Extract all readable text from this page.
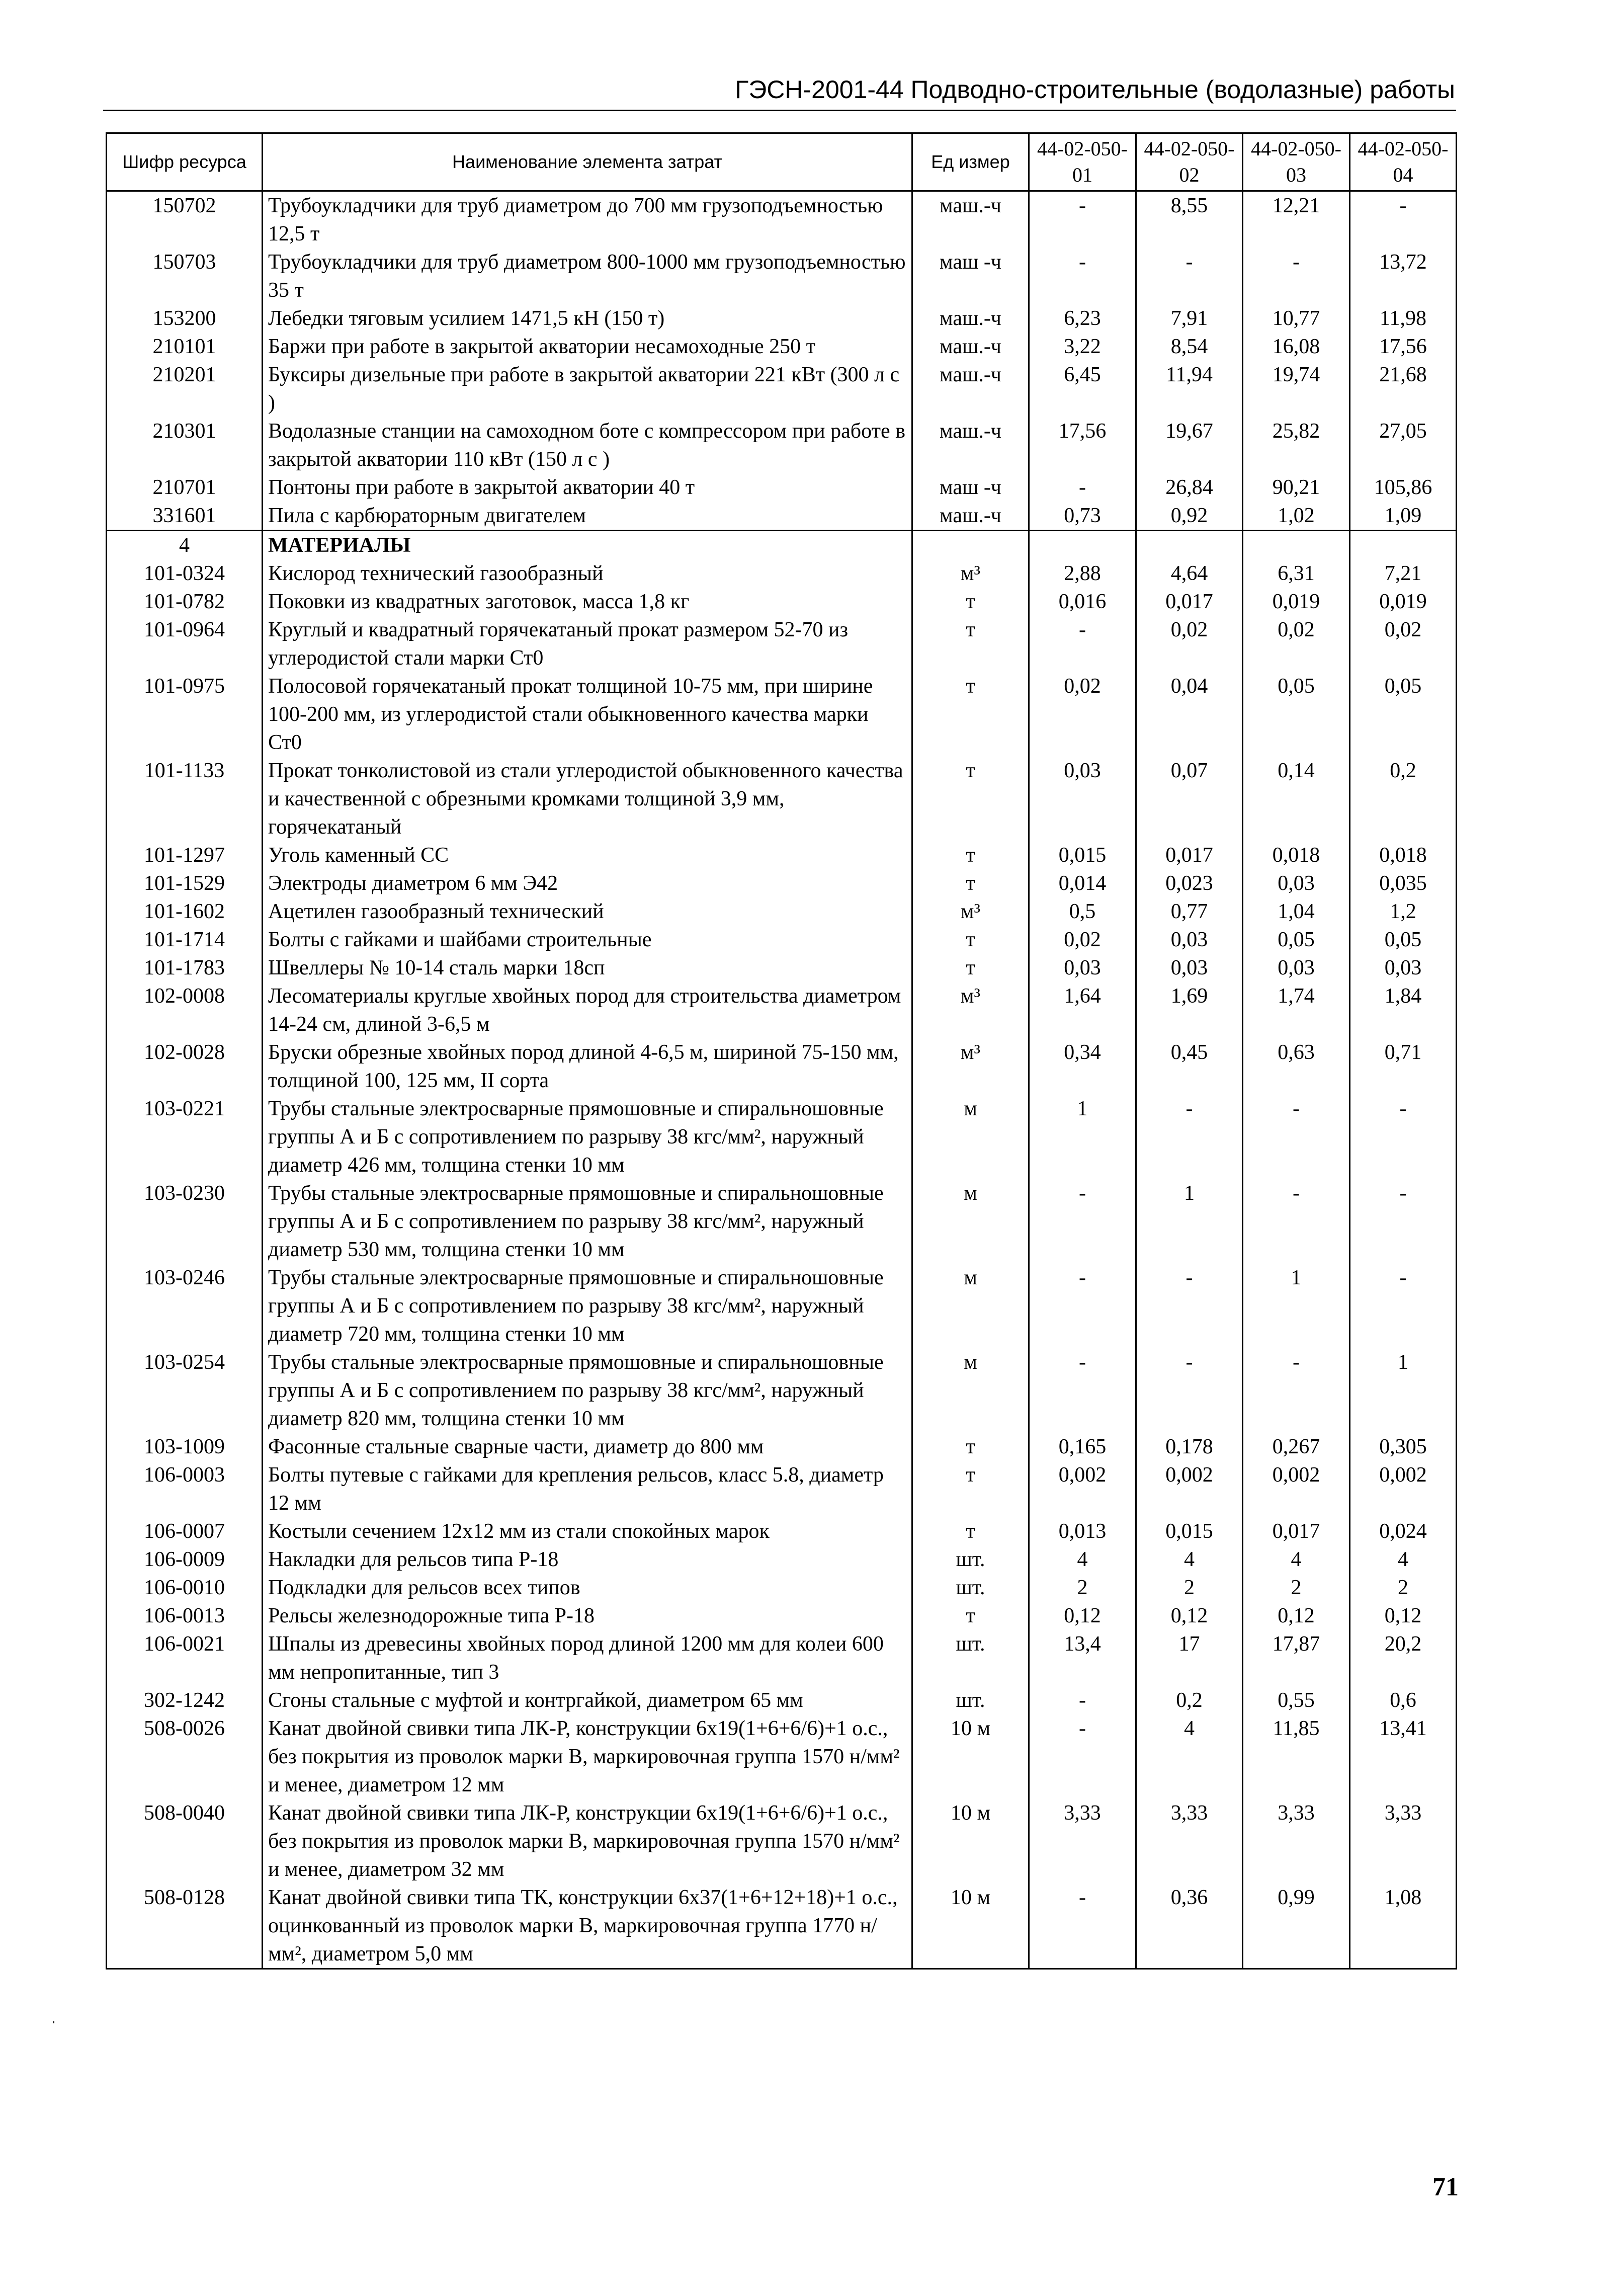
ГЭСН-2001-44 Подводно-строительные (водолазные) работы
Шифр ресурса	Наименование элемента затрат	Ед измер	44-02-050-01	44-02-050-02	44-02-050-03	44-02-050-04
150702	Трубоукладчики для труб диаметром до 700 мм грузоподъемностью 12,5 т	маш.-ч	-	8,55	12,21	-
150703	Трубоукладчики для труб диаметром 800-1000 мм грузоподъемностью 35 т	маш -ч	-	-	-	13,72
153200	Лебедки тяговым усилием 1471,5 кН (150 т)	маш.-ч	6,23	7,91	10,77	11,98
210101	Баржи при работе в закрытой акватории несамоходные 250 т	маш.-ч	3,22	8,54	16,08	17,56
210201	Буксиры дизельные при работе в закрытой акватории 221 кВт (300 л с )	маш.-ч	6,45	11,94	19,74	21,68
210301	Водолазные станции на самоходном боте с компрессором при работе в закрытой акватории 110 кВт (150 л с )	маш.-ч	17,56	19,67	25,82	27,05
210701	Понтоны при работе в закрытой акватории 40 т	маш -ч	-	26,84	90,21	105,86
331601	Пила с карбюраторным двигателем	маш.-ч	0,73	0,92	1,02	1,09
4	МАТЕРИАЛЫ					
101-0324	Кислород технический газообразный	м³	2,88	4,64	6,31	7,21
101-0782	Поковки из квадратных заготовок, масса 1,8 кг	т	0,016	0,017	0,019	0,019
101-0964	Круглый и квадратный горячекатаный прокат размером 52-70 из углеродистой стали марки Ст0	т	-	0,02	0,02	0,02
101-0975	Полосовой горячекатаный прокат толщиной 10-75 мм, при ширине 100-200 мм, из углеродистой стали обыкновенного качества марки Ст0	т	0,02	0,04	0,05	0,05
101-1133	Прокат тонколистовой из стали углеродистой обыкновенного качества и качественной с обрезными кромками толщиной 3,9 мм, горячекатаный	т	0,03	0,07	0,14	0,2
101-1297	Уголь каменный СС	т	0,015	0,017	0,018	0,018
101-1529	Электроды диаметром 6 мм Э42	т	0,014	0,023	0,03	0,035
101-1602	Ацетилен газообразный технический	м³	0,5	0,77	1,04	1,2
101-1714	Болты с гайками и шайбами строительные	т	0,02	0,03	0,05	0,05
101-1783	Швеллеры № 10-14 сталь марки 18сп	т	0,03	0,03	0,03	0,03
102-0008	Лесоматериалы круглые хвойных пород для строительства диаметром 14-24 см, длиной 3-6,5 м	м³	1,64	1,69	1,74	1,84
102-0028	Бруски обрезные хвойных пород длиной 4-6,5 м, шириной 75-150 мм, толщиной 100, 125 мм, II сорта	м³	0,34	0,45	0,63	0,71
103-0221	Трубы стальные электросварные прямошовные и спиральношовные группы А и Б с сопротивлением по разрыву 38 кгс/мм², наружный диаметр 426 мм, толщина стенки 10 мм	м	1	-	-	-
103-0230	Трубы стальные электросварные прямошовные и спиральношовные группы А и Б с сопротивлением по разрыву 38 кгс/мм², наружный диаметр 530 мм, толщина стенки 10 мм	м	-	1	-	-
103-0246	Трубы стальные электросварные прямошовные и спиральношовные группы А и Б с сопротивлением по разрыву 38 кгс/мм², наружный диаметр 720 мм, толщина стенки 10 мм	м	-	-	1	-
103-0254	Трубы стальные электросварные прямошовные и спиральношовные группы А и Б с сопротивлением по разрыву 38 кгс/мм², наружный диаметр 820 мм, толщина стенки 10 мм	м	-	-	-	1
103-1009	Фасонные стальные сварные части, диаметр до 800 мм	т	0,165	0,178	0,267	0,305
106-0003	Болты путевые с гайками для крепления рельсов, класс 5.8, диаметр 12 мм	т	0,002	0,002	0,002	0,002
106-0007	Костыли сечением 12х12 мм из стали спокойных марок	т	0,013	0,015	0,017	0,024
106-0009	Накладки для рельсов типа Р-18	шт.	4	4	4	4
106-0010	Подкладки для рельсов всех типов	шт.	2	2	2	2
106-0013	Рельсы железнодорожные типа Р-18	т	0,12	0,12	0,12	0,12
106-0021	Шпалы из древесины хвойных пород длиной 1200 мм для колеи 600 мм непропитанные, тип 3	шт.	13,4	17	17,87	20,2
302-1242	Сгоны стальные с муфтой и контргайкой, диаметром 65 мм	шт.	-	0,2	0,55	0,6
508-0026	Канат двойной свивки типа ЛК-Р, конструкции 6х19(1+6+6/6)+1 о.с., без покрытия из проволок марки В, маркировочная группа 1570 н/мм² и менее, диаметром 12 мм	10 м	-	4	11,85	13,41
508-0040	Канат двойной свивки типа ЛК-Р, конструкции 6х19(1+6+6/6)+1 о.с., без покрытия из проволок марки В, маркировочная группа 1570 н/мм² и менее, диаметром 32 мм	10 м	3,33	3,33	3,33	3,33
508-0128	Канат двойной свивки типа ТК, конструкции 6х37(1+6+12+18)+1 о.с., оцинкованный из проволок марки В, маркировочная группа 1770 н/мм², диаметром 5,0 мм	10 м	-	0,36	0,99	1,08
71
